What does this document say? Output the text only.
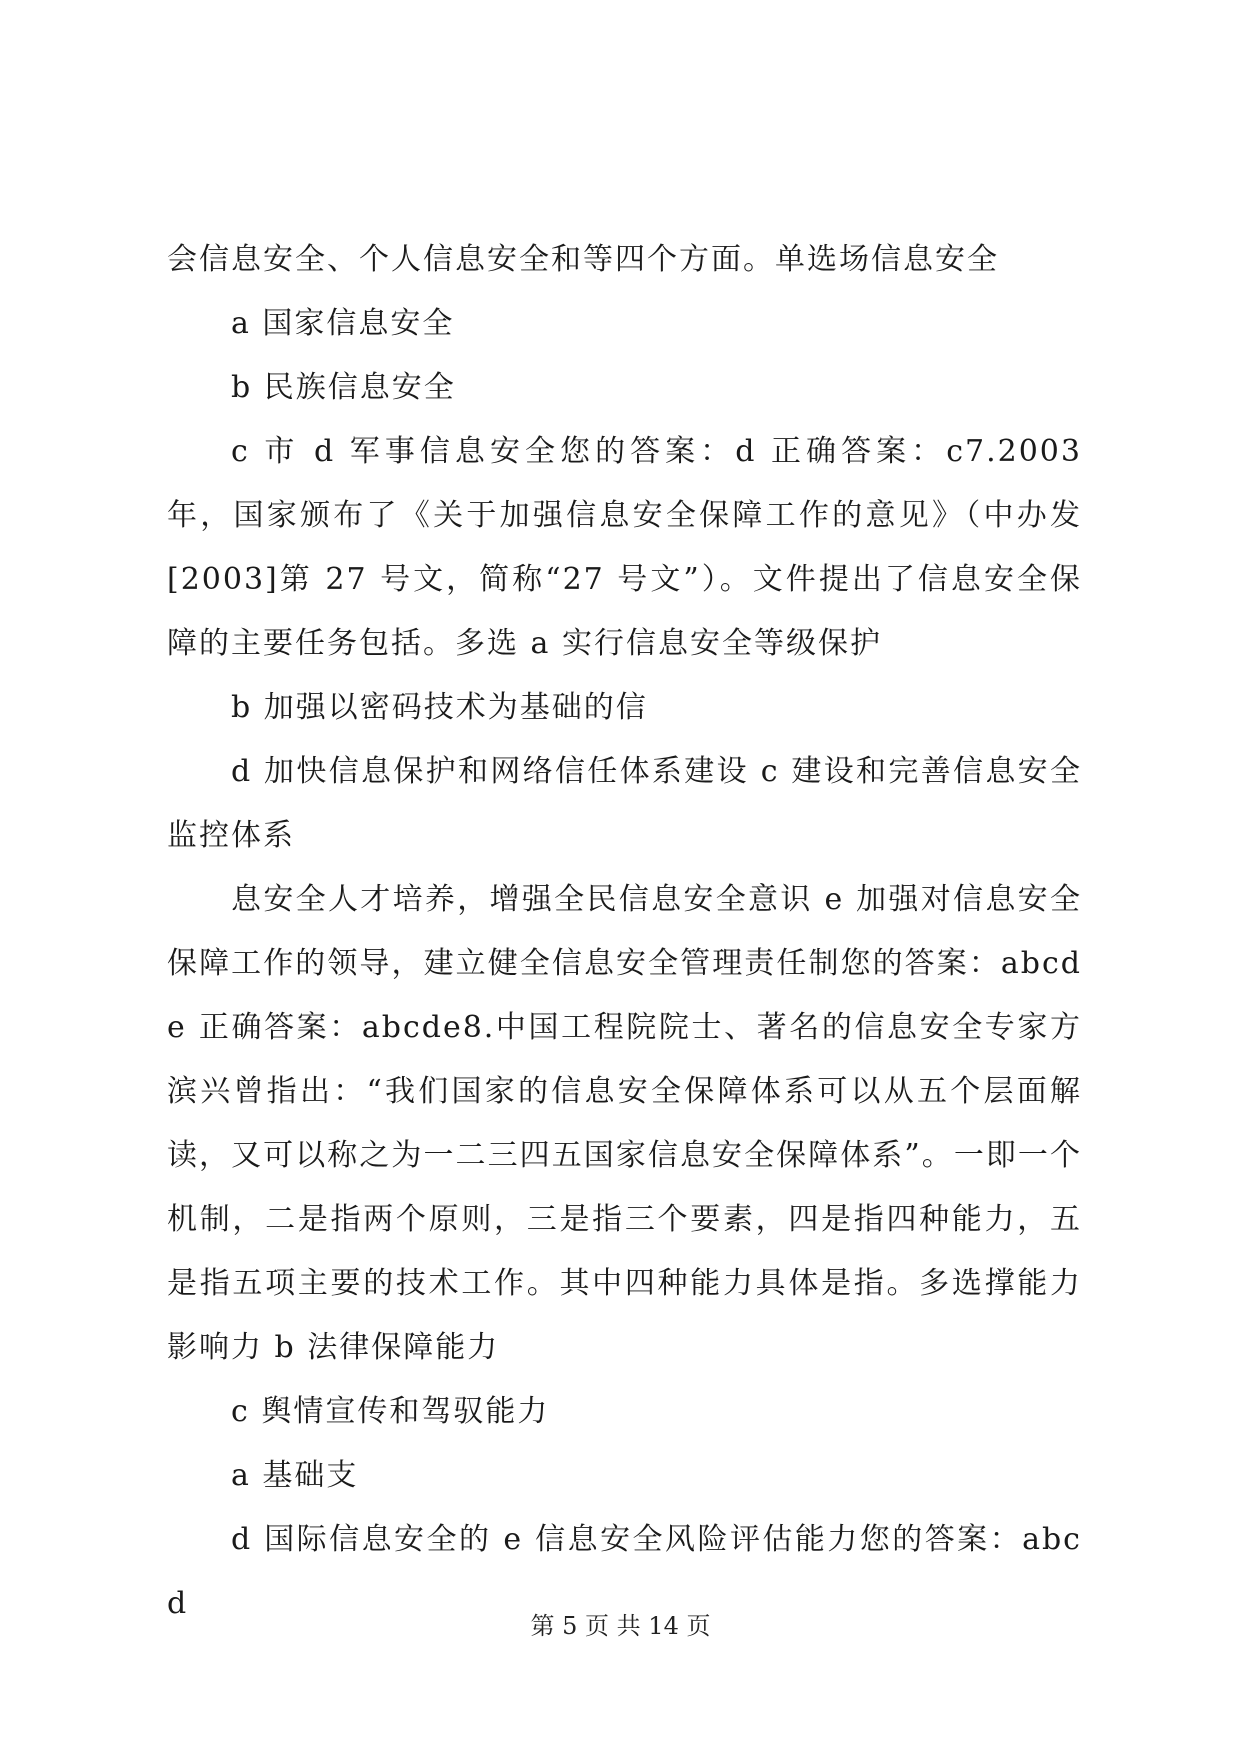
会信息安全、个人信息安全和等四个方面。单选场信息安全

a 国家信息安全

b 民族信息安全

c 市 d 军事信息安全您的答案：d 正确答案：c7.2003 年，国家颁布了《关于加强信息安全保障工作的意见》（中办发[2003]第 27 号文，简称“27 号文”）。文件提出了信息安全保障的主要任务包括。多选 a 实行信息安全等级保护

b 加强以密码技术为基础的信

d 加快信息保护和网络信任体系建设 c 建设和完善信息安全监控体系

息安全人才培养，增强全民信息安全意识 e 加强对信息安全保障工作的领导，建立健全信息安全管理责任制您的答案：abcde 正确答案：abcde8.中国工程院院士、著名的信息安全专家方滨兴曾指出：“我们国家的信息安全保障体系可以从五个层面解读，又可以称之为一二三四五国家信息安全保障体系”。一即一个机制，二是指两个原则，三是指三个要素，四是指四种能力，五是指五项主要的技术工作。其中四种能力具体是指。多选撑能力影响力 b 法律保障能力

c 舆情宣传和驾驭能力

a 基础支

d 国际信息安全的 e 信息安全风险评估能力您的答案：abcd

第 5 页 共 14 页
